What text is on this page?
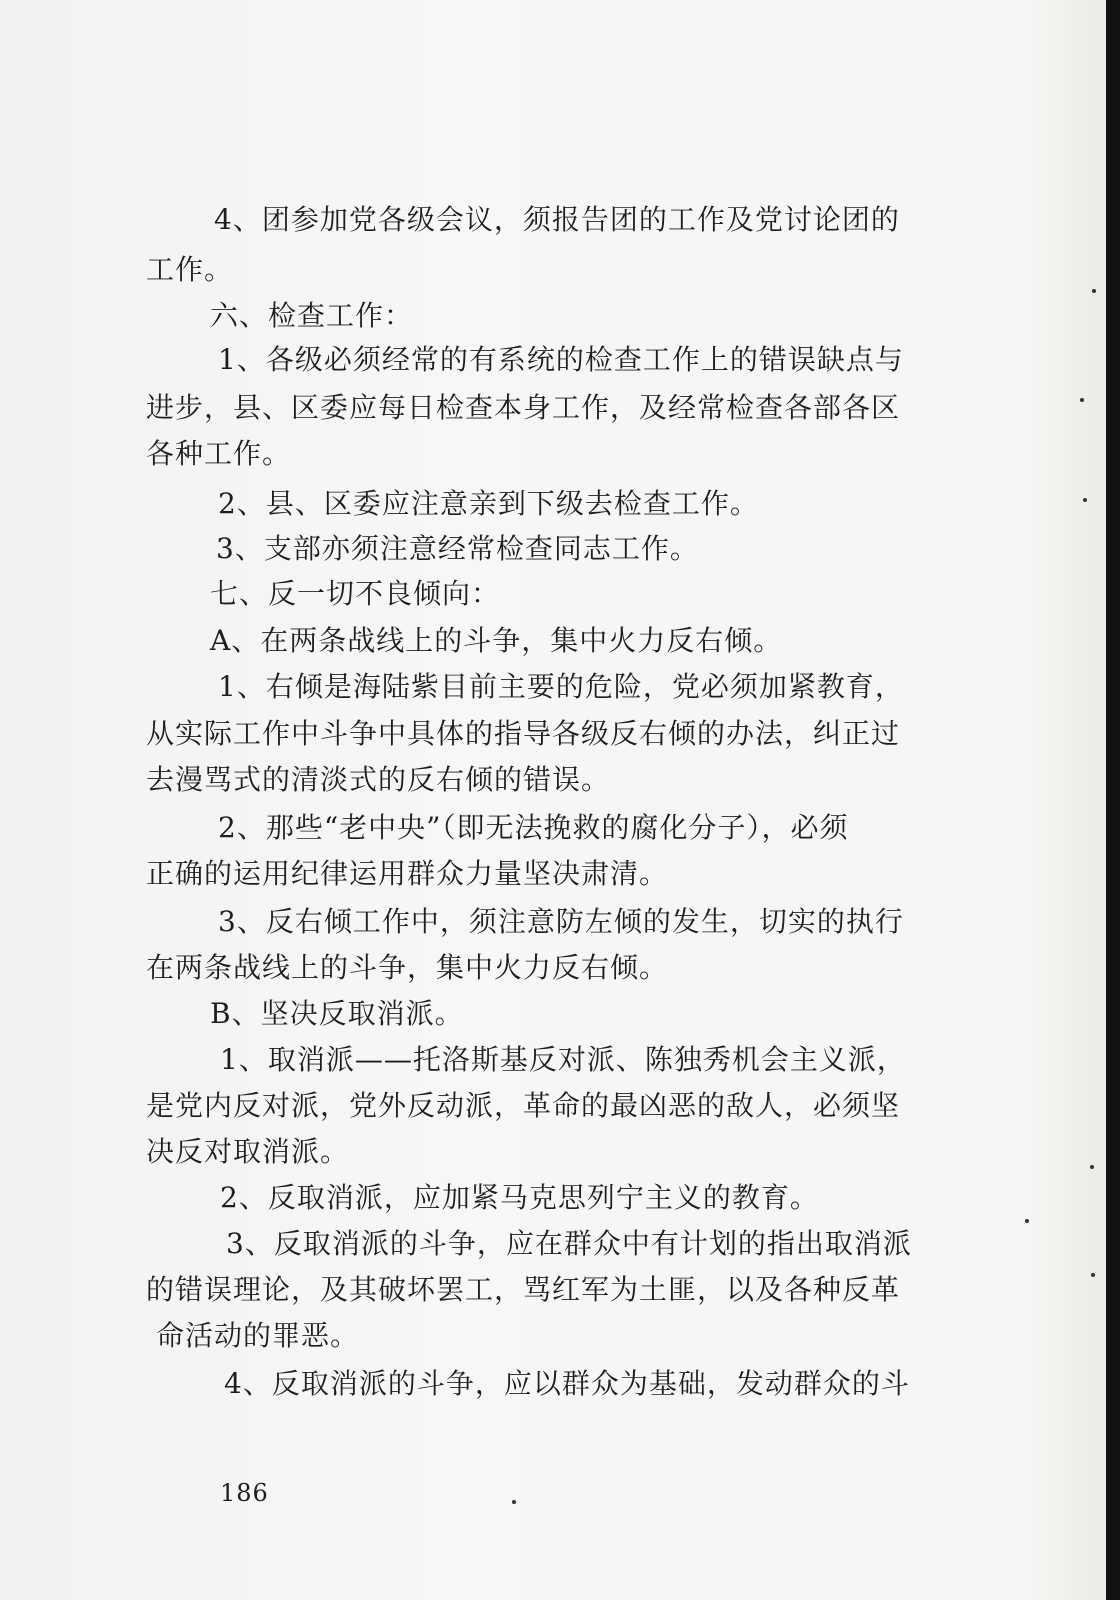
4、团参加党各级会议，须报告团的工作及党讨论团的
工作。
六、检查工作：
1、各级必须经常的有系统的检查工作上的错误缺点与
进步，县、区委应每日检查本身工作，及经常检查各部各区
各种工作。
2、县、区委应注意亲到下级去检查工作。
3、支部亦须注意经常检查同志工作。
七、反一切不良倾向：
A、在两条战线上的斗争，集中火力反右倾。
1、右倾是海陆紫目前主要的危险，党必须加紧教育，
从实际工作中斗争中具体的指导各级反右倾的办法，纠正过
去漫骂式的清淡式的反右倾的错误。
2、那些“老中央”（即无法挽救的腐化分子），必须
正确的运用纪律运用群众力量坚决肃清。
3、反右倾工作中，须注意防左倾的发生，切实的执行
在两条战线上的斗争，集中火力反右倾。
B、坚决反取消派。
1、取消派——托洛斯基反对派、陈独秀机会主义派，
是党内反对派，党外反动派，革命的最凶恶的敌人，必须坚
决反对取消派。
2、反取消派，应加紧马克思列宁主义的教育。
3、反取消派的斗争，应在群众中有计划的指出取消派
的错误理论，及其破坏罢工，骂红军为土匪，以及各种反革
命活动的罪恶。
4、反取消派的斗争，应以群众为基础，发动群众的斗
186
